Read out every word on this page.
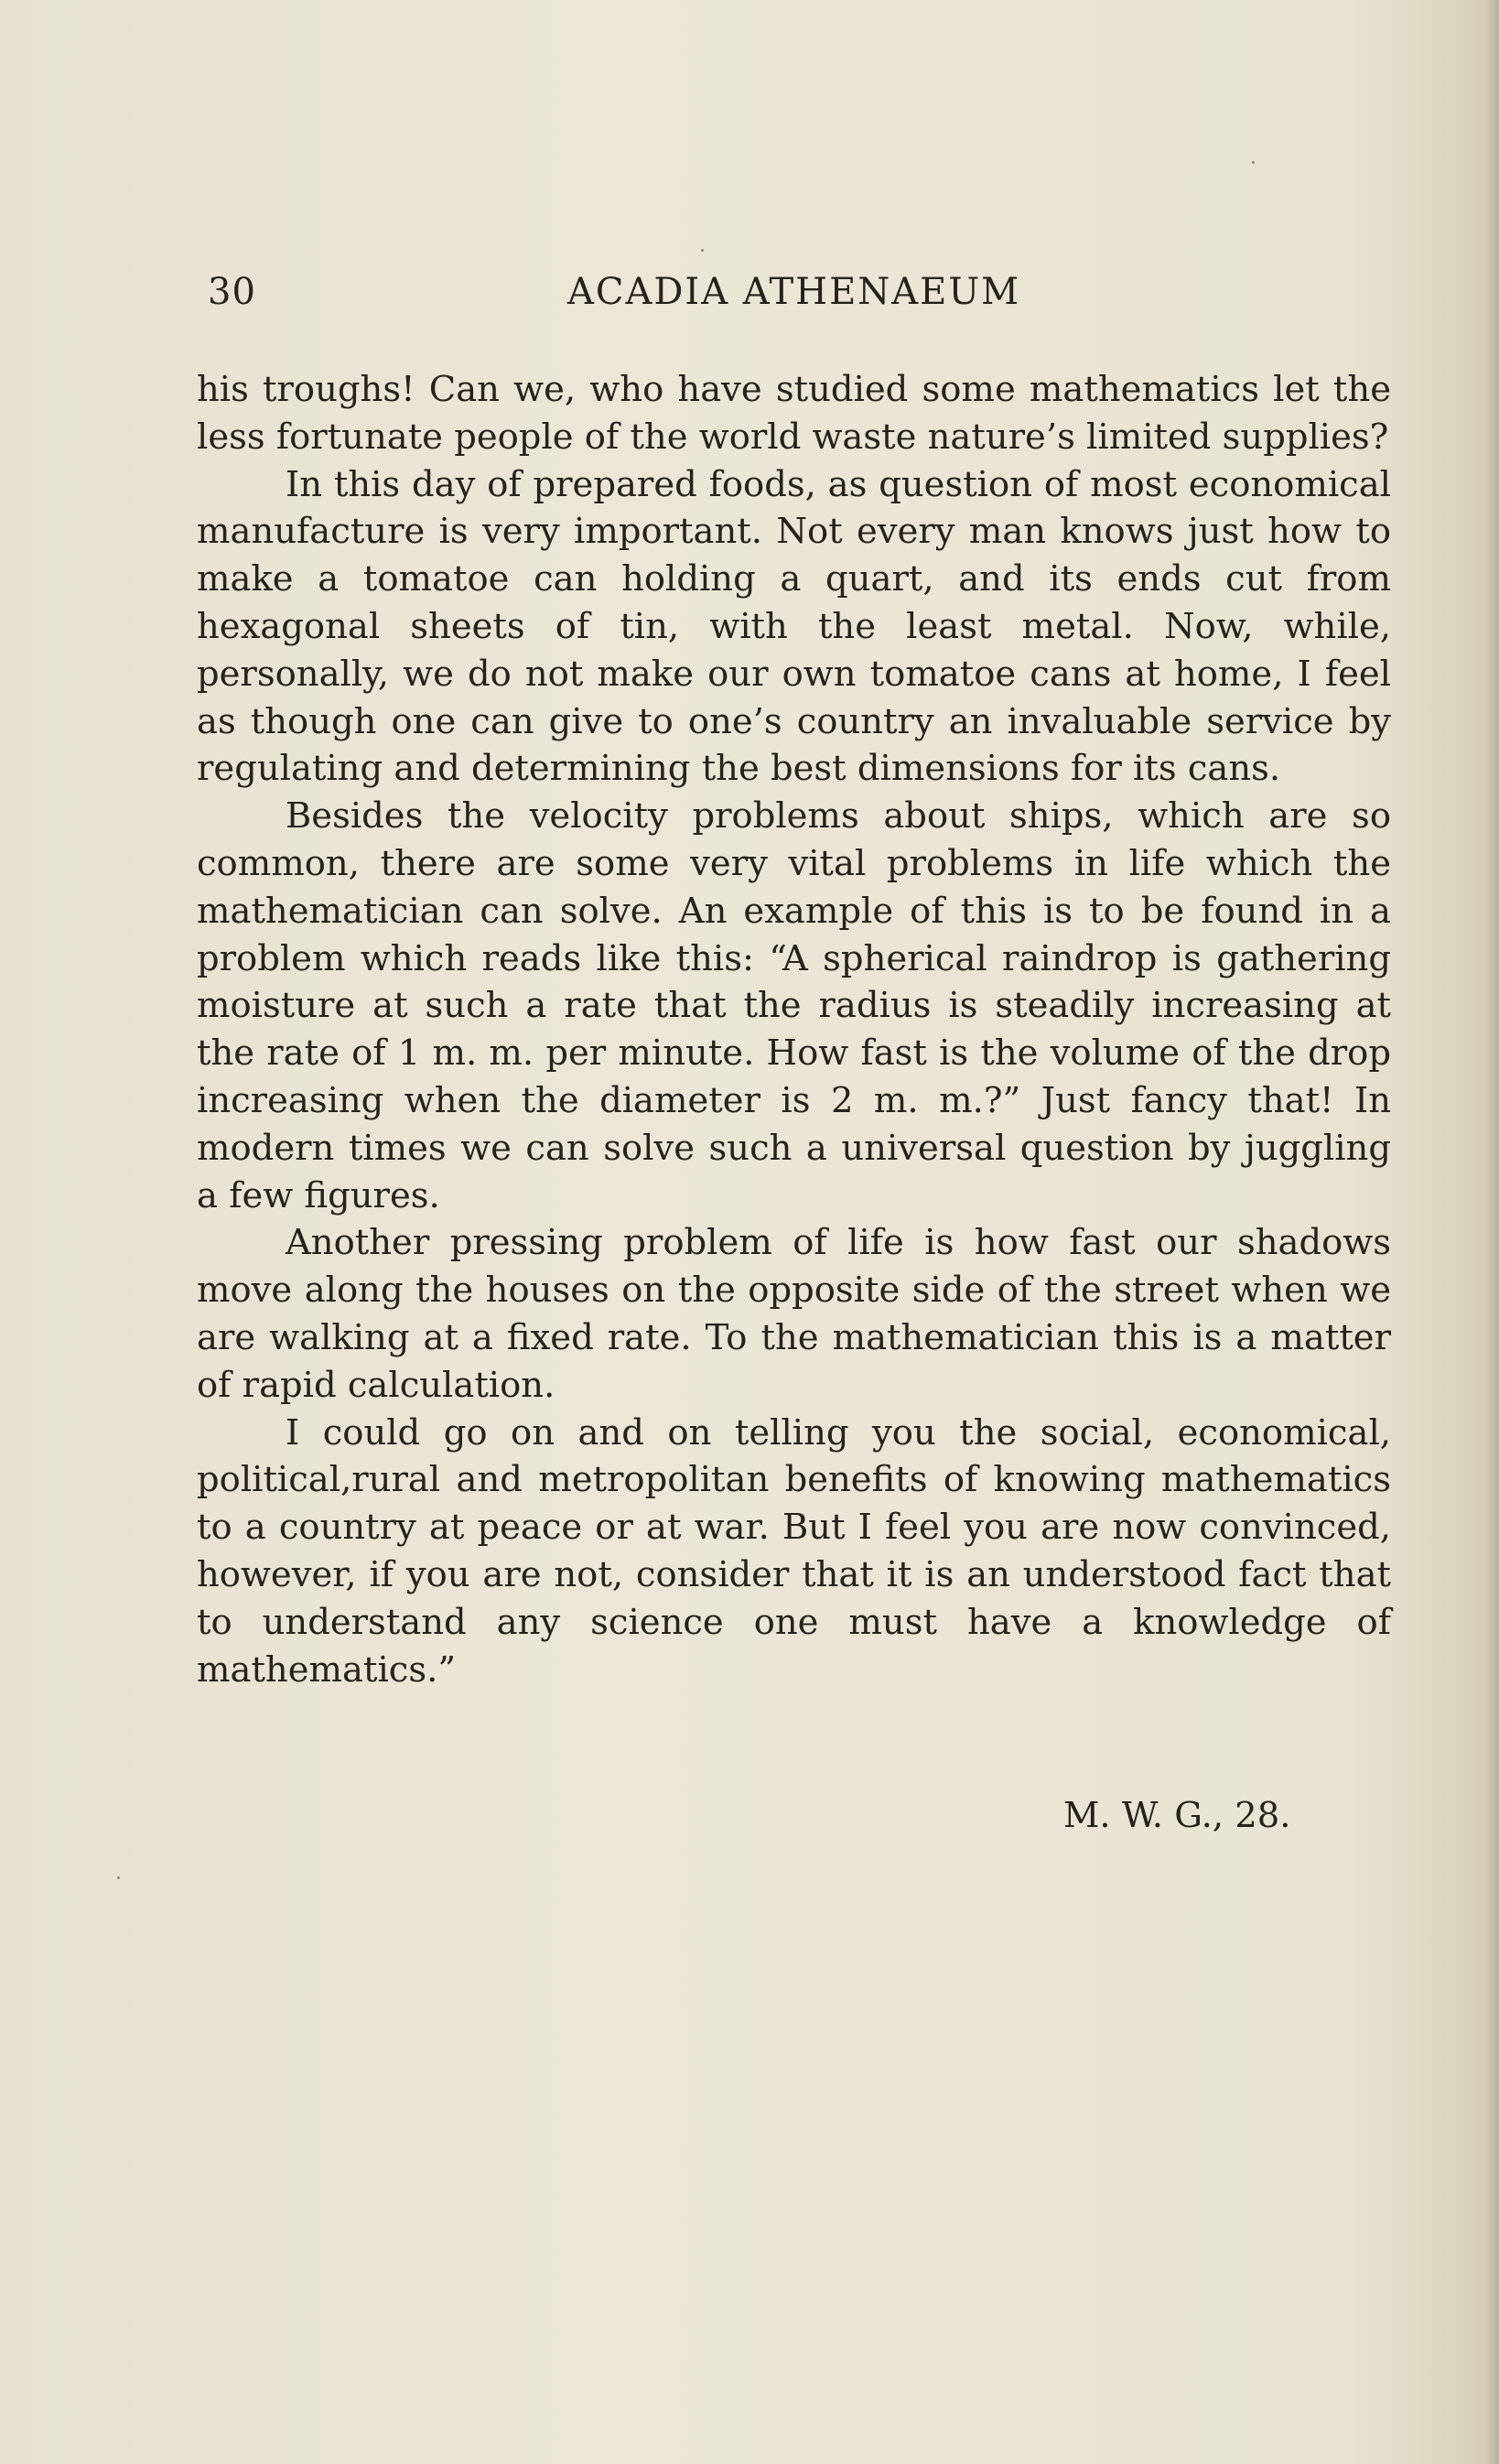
30	ACADIA ATHENAEUM

his troughs! Can we, who have studied some mathematics let the less fortunate people of the world waste nature’s limited supplies?

In this day of prepared foods, as question of most economical manufacture is very important. Not every man knows just how to make a tomatoe can holding a quart, and its ends cut from hexagonal sheets of tin, with the least metal. Now, while, personally, we do not make our own tomatoe cans at home, I feel as though one can give to one’s country an invaluable service by regulating and determining the best dimensions for its cans.

Besides the velocity problems about ships, which are so common, there are some very vital problems in life which the mathematician can solve. An example of this is to be found in a problem which reads like this: “A spherical raindrop is gathering moisture at such a rate that the radius is steadily increasing at the rate of 1 m. m. per minute. How fast is the volume of the drop increasing when the diameter is 2 m. m.?” Just fancy that! In modern times we can solve such a universal question by juggling a few figures.

Another pressing problem of life is how fast our shadows move along the houses on the opposite side of the street when we are walking at a fixed rate. To the mathematician this is a matter of rapid calculation.

I could go on and on telling you the social, economical, political,rural and metropolitan benefits of knowing mathematics to a country at peace or at war. But I feel you are now convinced, however, if you are not, consider that it is an understood fact that to understand any science one must have a knowledge of mathematics.”

M. W. G., 28.
